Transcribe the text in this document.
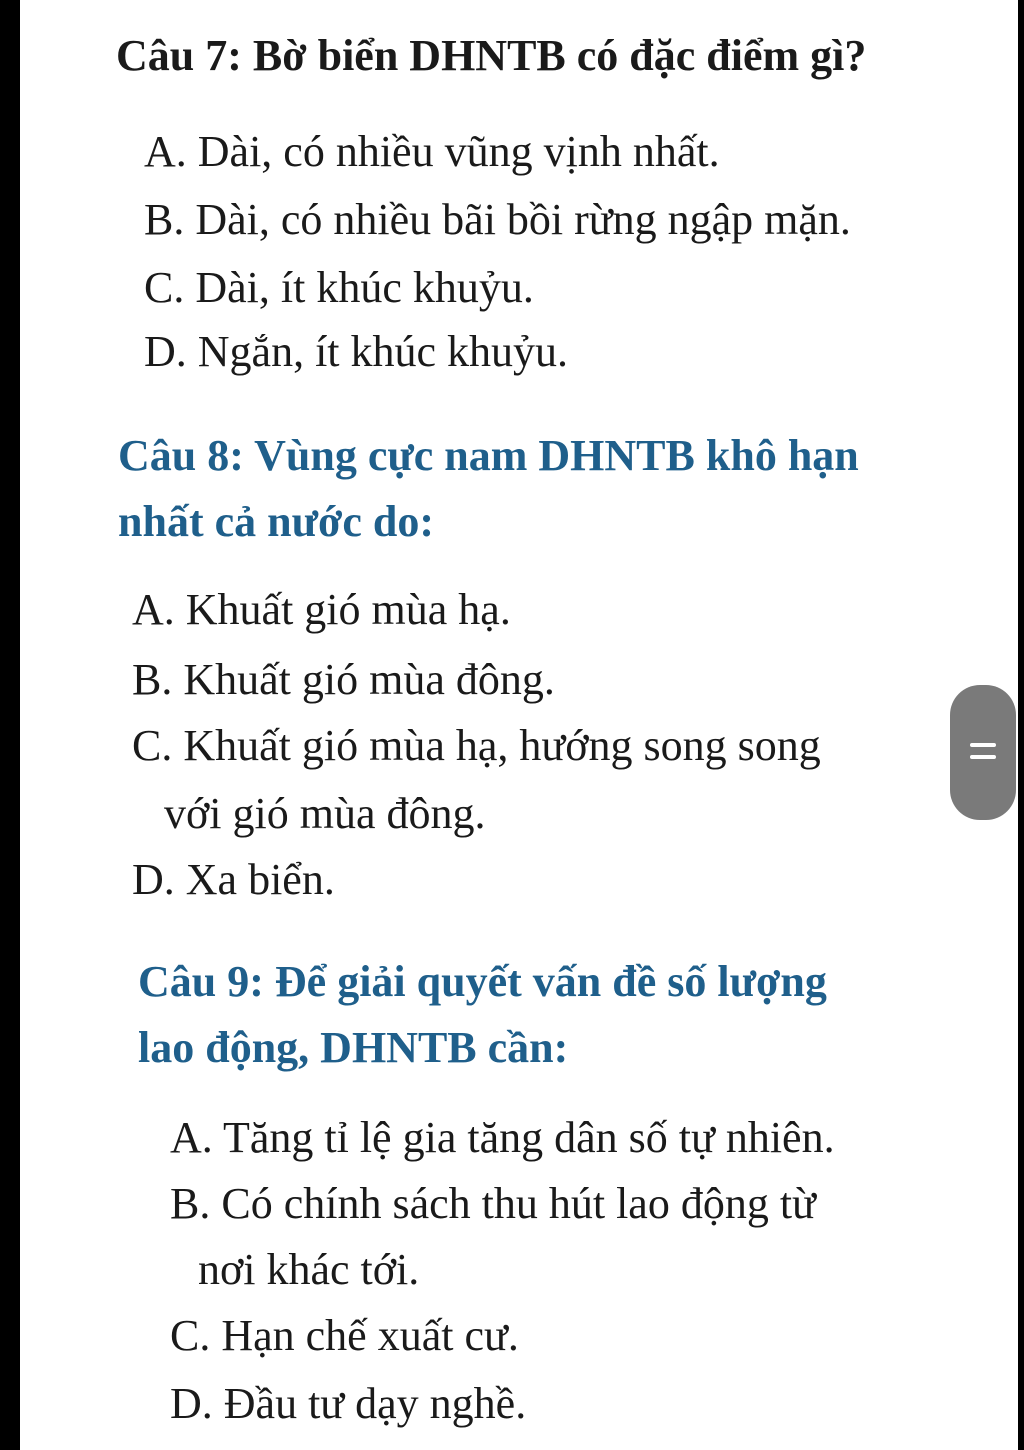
Câu 7: Bờ biển DHNTB có đặc điểm gì?
A. Dài, có nhiều vũng vịnh nhất.
B. Dài, có nhiều bãi bồi rừng ngập mặn.
C. Dài, ít khúc khuỷu.
D. Ngắn, ít khúc khuỷu.
Câu 8: Vùng cực nam DHNTB khô hạn
nhất cả nước do:
A. Khuất gió mùa hạ.
B. Khuất gió mùa đông.
C. Khuất gió mùa hạ, hướng song song
với gió mùa đông.
D. Xa biển.
Câu 9: Để giải quyết vấn đề số lượng
lao động, DHNTB cần:
A. Tăng tỉ lệ gia tăng dân số tự nhiên.
B. Có chính sách thu hút lao động từ
nơi khác tới.
C. Hạn chế xuất cư.
D. Đầu tư dạy nghề.
